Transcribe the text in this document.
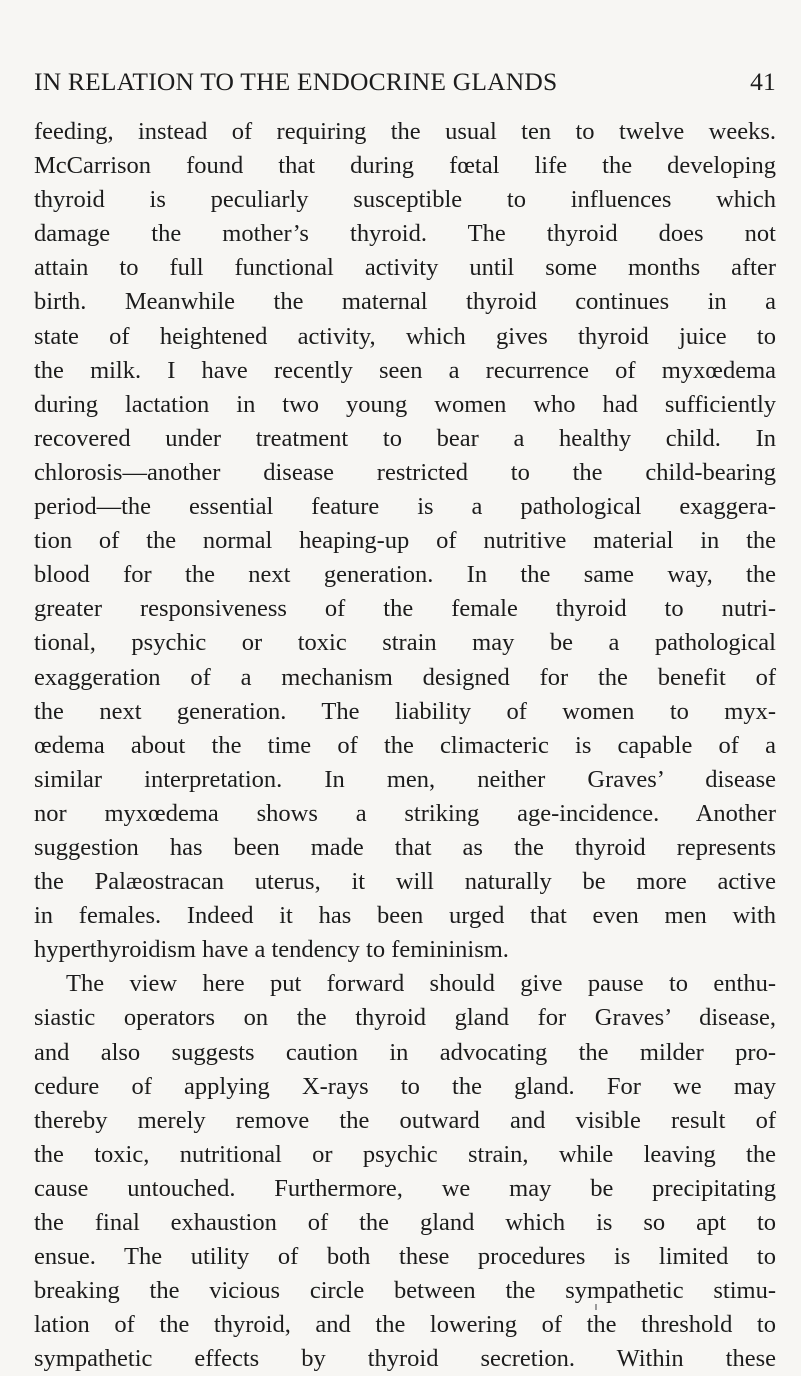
IN RELATION TO THE ENDOCRINE GLANDS	41
feeding, instead of requiring the usual ten to twelve weeks.
McCarrison found that during fœtal life the developing
thyroid is peculiarly susceptible to influences which
damage the mother’s thyroid. The thyroid does not
attain to full functional activity until some months after
birth. Meanwhile the maternal thyroid continues in a
state of heightened activity, which gives thyroid juice to
the milk. I have recently seen a recurrence of myxœdema
during lactation in two young women who had sufficiently
recovered under treatment to bear a healthy child. In
chlorosis—another disease restricted to the child-bearing
period—the essential feature is a pathological exaggera-
tion of the normal heaping-up of nutritive material in the
blood for the next generation. In the same way, the
greater responsiveness of the female thyroid to nutri-
tional, psychic or toxic strain may be a pathological
exaggeration of a mechanism designed for the benefit of
the next generation. The liability of women to myx-
œdema about the time of the climacteric is capable of a
similar interpretation. In men, neither Graves’ disease
nor myxœdema shows a striking age-incidence. Another
suggestion has been made that as the thyroid represents
the Palæostracan uterus, it will naturally be more active
in females. Indeed it has been urged that even men with
hyperthyroidism have a tendency to femininism.
The view here put forward should give pause to enthu-
siastic operators on the thyroid gland for Graves’ disease,
and also suggests caution in advocating the milder pro-
cedure of applying X-rays to the gland. For we may
thereby merely remove the outward and visible result of
the toxic, nutritional or psychic strain, while leaving the
cause untouched. Furthermore, we may be precipitating
the final exhaustion of the gland which is so apt to
ensue. The utility of both these procedures is limited to
breaking the vicious circle between the sympathetic stimu-
lation of the thyroid, and the lowering of the threshold to
sympathetic effects by thyroid secretion. Within these
